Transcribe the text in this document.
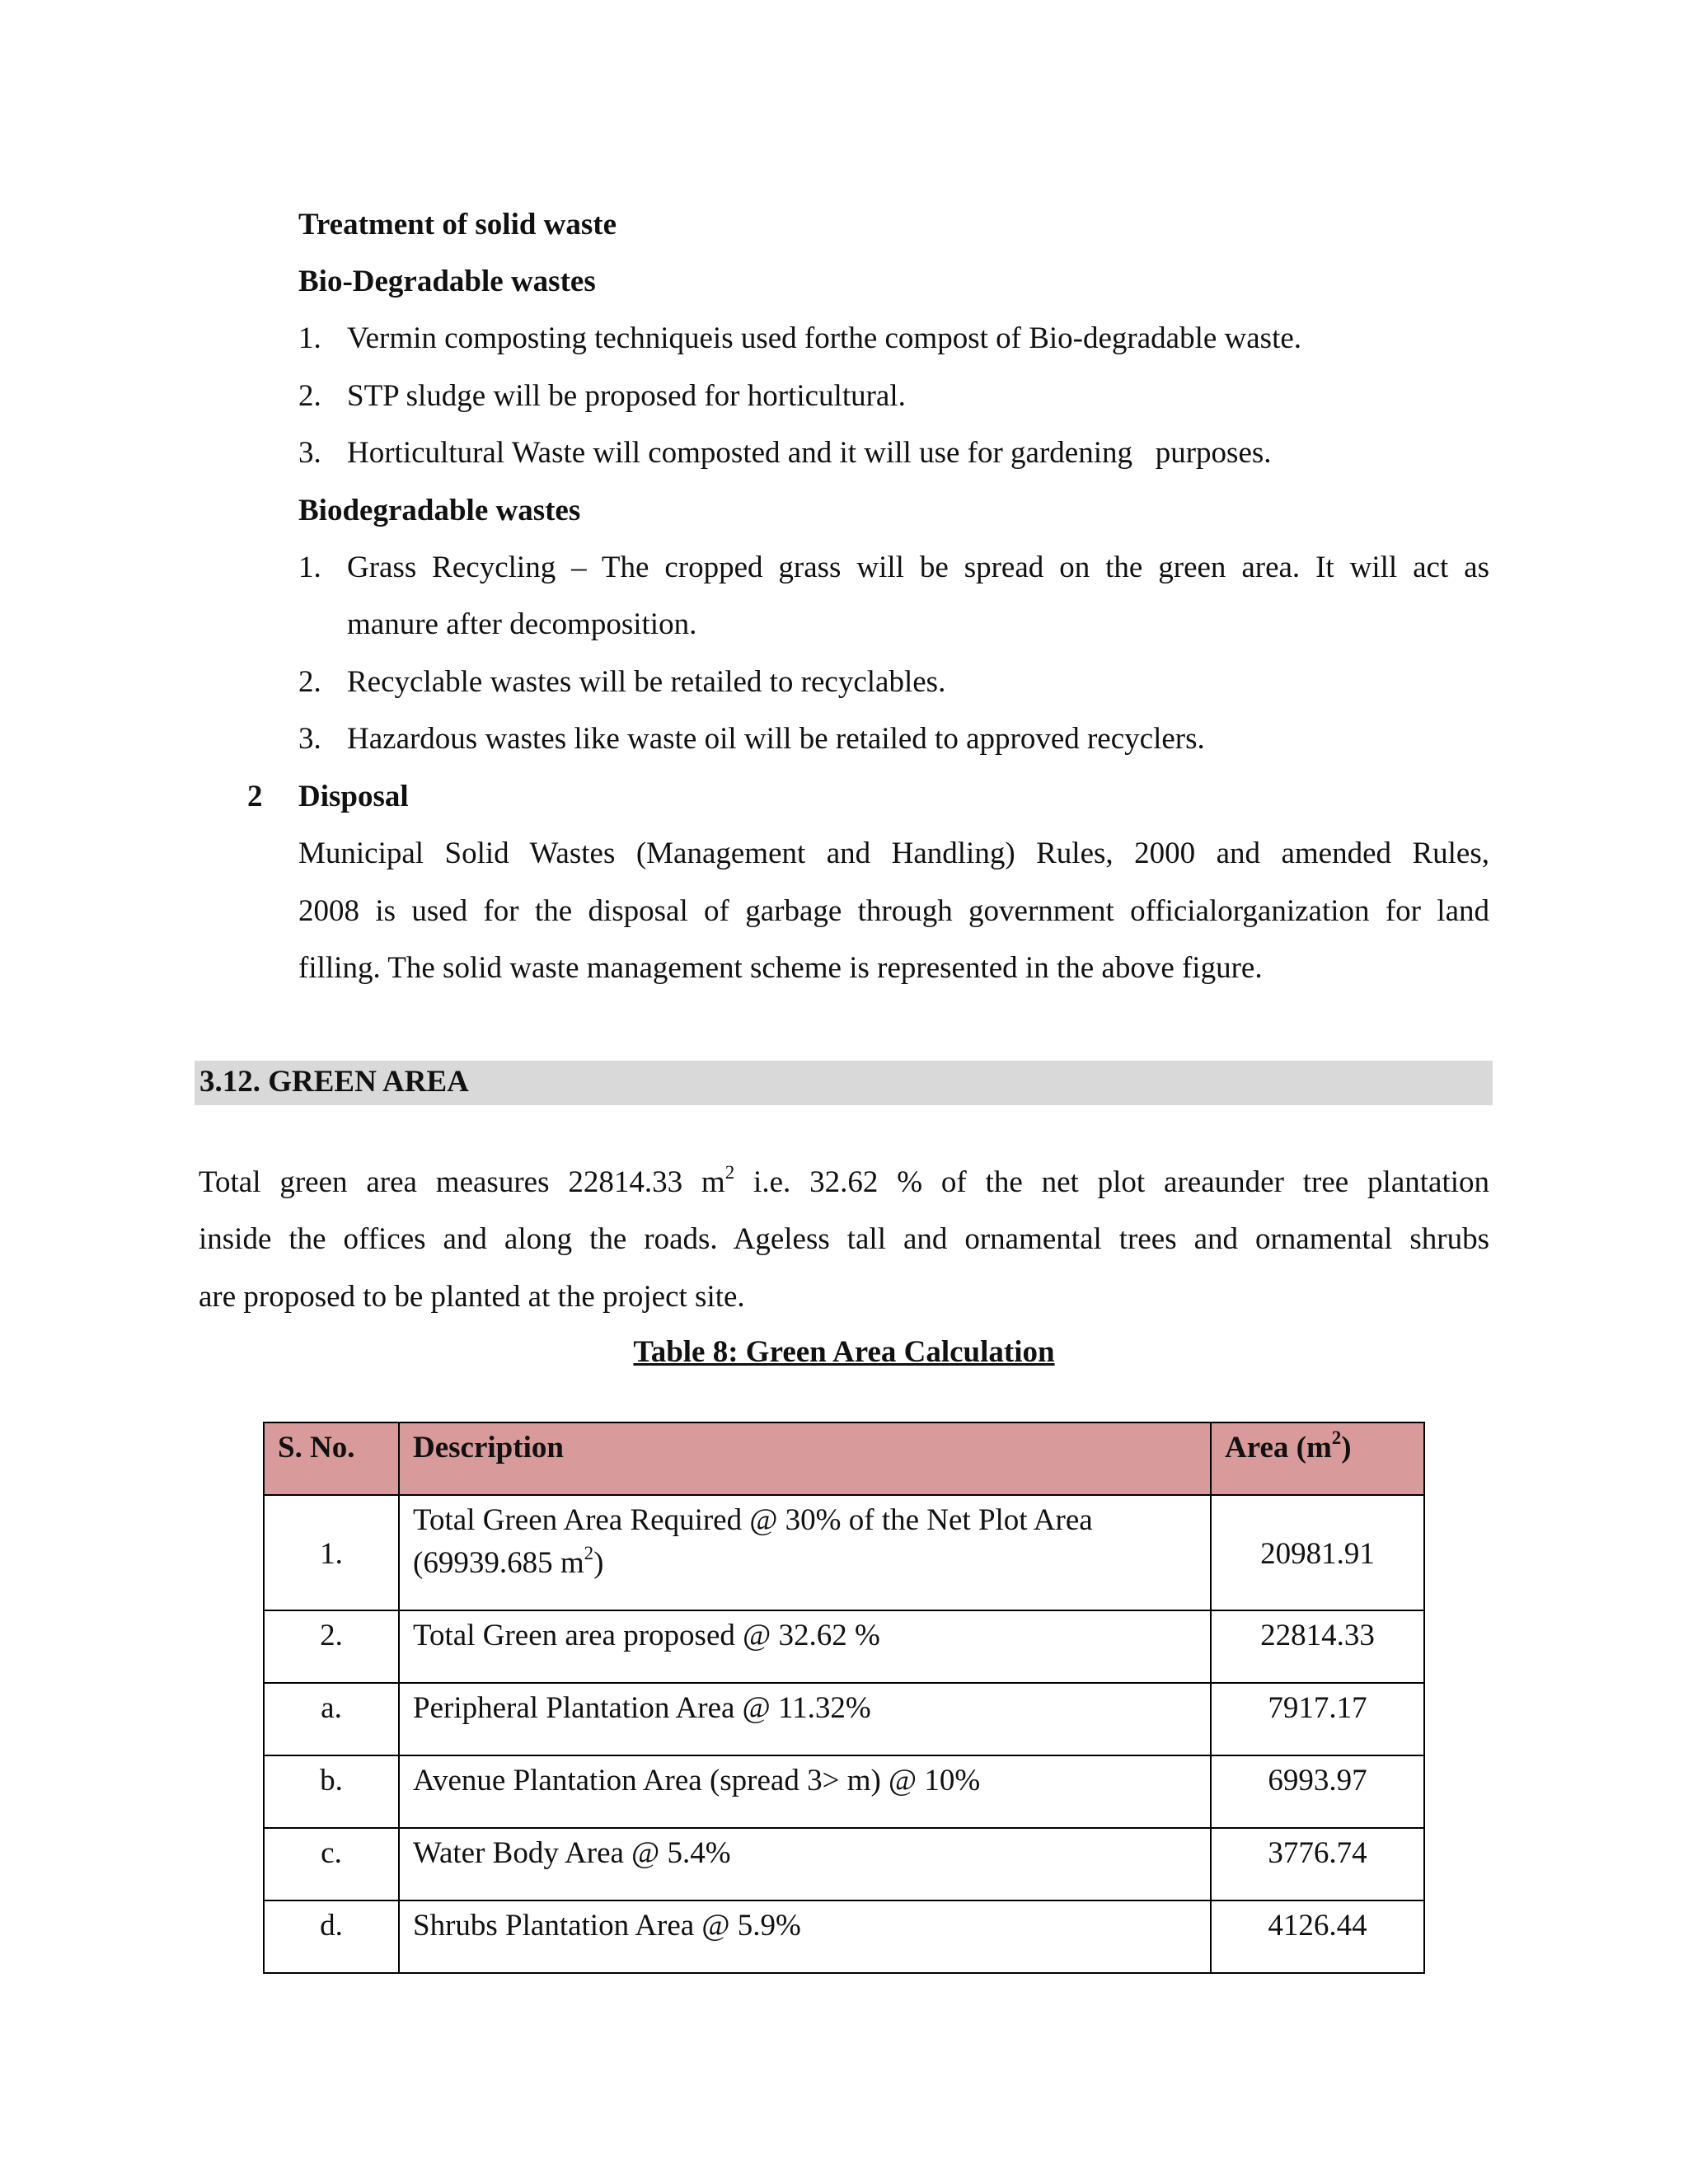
Treatment of solid waste
Bio-Degradable wastes
1. Vermin composting techniqueis used forthe compost of Bio-degradable waste.
2. STP sludge will be proposed for horticultural.
3. Horticultural Waste will composted and it will use for gardening   purposes.
Biodegradable wastes
1. Grass Recycling – The cropped grass will be spread on the green area. It will act as
manure after decomposition.
2. Recyclable wastes will be retailed to recyclables.
3. Hazardous wastes like waste oil will be retailed to approved recyclers.
2 Disposal
Municipal Solid Wastes (Management and Handling) Rules, 2000 and amended Rules,
2008 is used for the disposal of garbage through government officialorganization for land
filling. The solid waste management scheme is represented in the above figure.
3.12. GREEN AREA
Total green area measures 22814.33 $m^2$ i.e. 32.62 % of the net plot areaunder tree plantation
inside the offices and along the roads. Ageless tall and ornamental trees and ornamental shrubs
are proposed to be planted at the project site.
Table 8: Green Area Calculation
S. No.	Description	Area $(m^2)$
1.	Total Green Area Required @ 30% of the Net Plot Area
(69939.685 $m^2$)	20981.91
2.	Total Green area proposed @ 32.62 %	22814.33
a.	Peripheral Plantation Area @ 11.32%	7917.17
b.	Avenue Plantation Area (spread 3> m) @ 10%	6993.97
c.	Water Body Area @ 5.4%	3776.74
d.	Shrubs Plantation Area @ 5.9%	4126.44
